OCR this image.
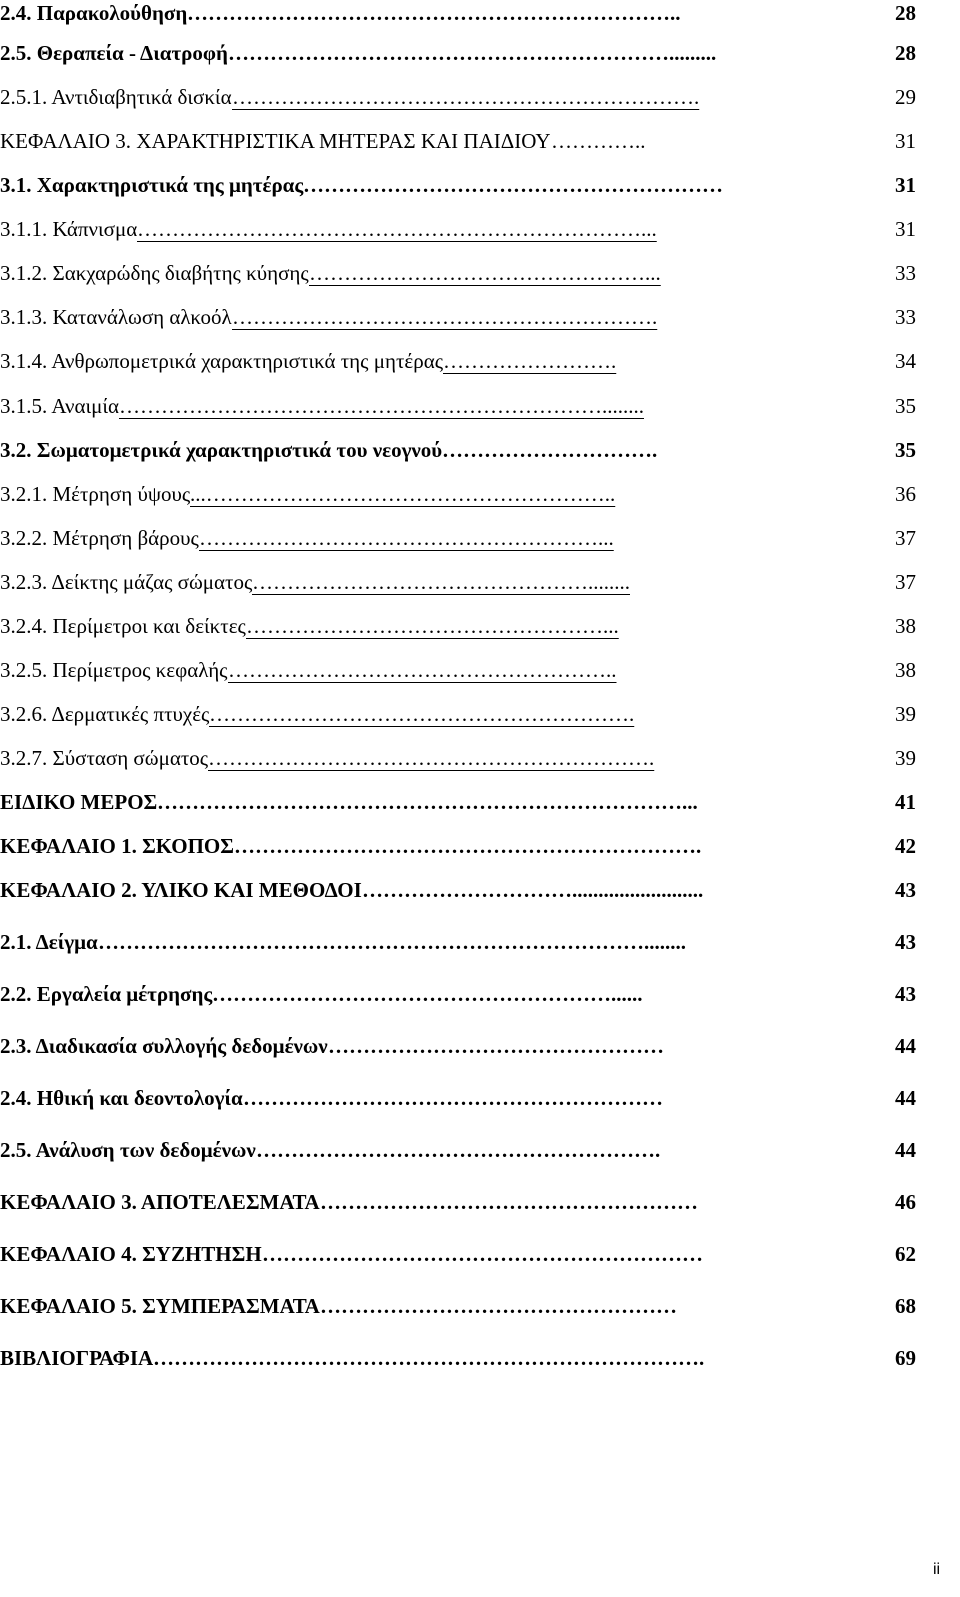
2.4. Παρακολούθηση ……………………………………………………………..	28
2.5. Θεραπεία - Διατροφή ……………………………………………………….........	28
2.5.1. Αντιδιαβητικά δισκία ………………………………………………………….	29
ΚΕΦΑΛΑΙΟ 3. ΧΑΡΑΚΤΗΡΙΣΤΙΚΑ ΜΗΤΕΡΑΣ ΚΑΙ ΠΑΙΔΙΟΥ …………..	31
3.1. Χαρακτηριστικά της μητέρας ……………………………………………………	31
3.1.1. Κάπνισμα ………………………………………………………………...	31
3.1.2. Σακχαρώδης διαβήτης κύησης …………………………………………...	33
3.1.3. Κατανάλωση αλκοόλ …………………………………………………….	33
3.1.4. Ανθρωπομετρικά χαρακτηριστικά της μητέρας …………………….	34
3.1.5. Αναιμία ……………………………………………………………........	35
3.2. Σωματομετρικά χαρακτηριστικά του νεογνού ………………………….	35
3.2.1. Μέτρηση ύψους ...…………………………………………………..	36
3.2.2. Μέτρηση βάρους …………………………………………………...	37
3.2.3. Δείκτης μάζας σώματος …………………………………………........	37
3.2.4. Περίμετροι και δείκτες ……………………………………………...	38
3.2.5. Περίμετρος κεφαλής ………………………………………………..	38
3.2.6. Δερματικές πτυχές …………………………………………………….	39
3.2.7. Σύσταση σώματος ……………………………………………………….	39
ΕΙΔΙΚΟ ΜΕΡΟΣ …………………………………………………………………...	41
ΚΕΦΑΛΑΙΟ 1. ΣΚΟΠΟΣ ………………………………………………………….	42
ΚΕΦΑΛΑΙΟ 2. ΥΛΙΚΟ ΚΑΙ ΜΕΘΟΔΟΙ ………………………….........................	43
2.1. Δείγμα ……………………………………………………………………........	43
2.2. Εργαλεία μέτρησης …………………………………………………......	43
2.3. Διαδικασία συλλογής δεδομένων …………………………………………	44
2.4. Ηθική και δεοντολογία ……………………………………………………	44
2.5. Ανάλυση των δεδομένων ………………………………………………….	44
ΚΕΦΑΛΑΙΟ 3. ΑΠΟΤΕΛΕΣΜΑΤΑ ………………………………………………	46
ΚΕΦΑΛΑΙΟ 4. ΣΥΖΗΤΗΣΗ ………………………………………………………	62
ΚΕΦΑΛΑΙΟ 5. ΣΥΜΠΕΡΑΣΜΑΤΑ ……………………………………………	68
ΒΙΒΛΙΟΓΡΑΦΙΑ …………………………………………………………………….	69
ii
